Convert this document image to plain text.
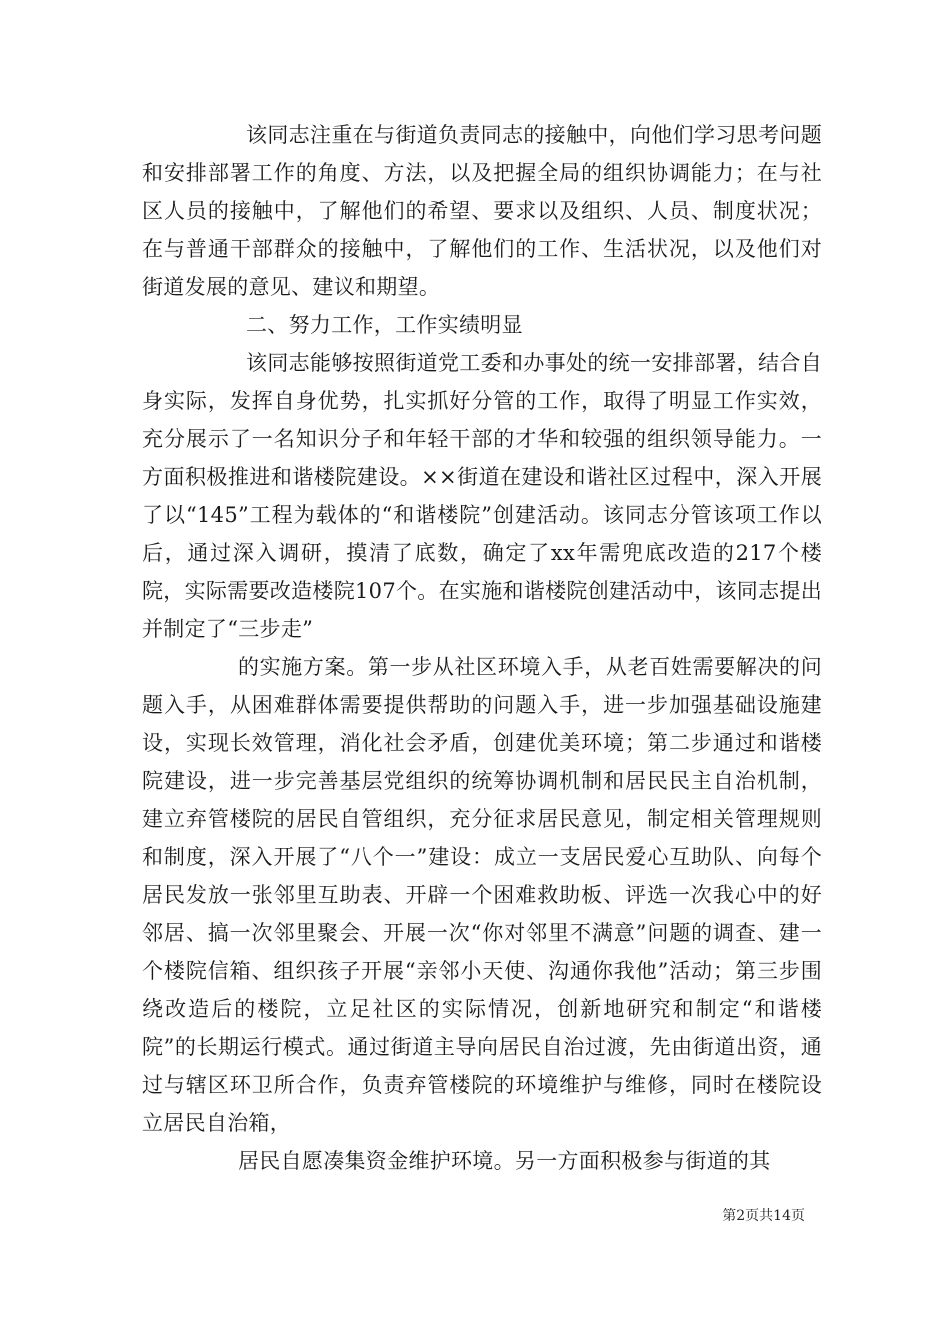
该同志注重在与街道负责同志的接触中，向他们学习思考问题和安排部署工作的角度、方法，以及把握全局的组织协调能力；在与社区人员的接触中，了解他们的希望、要求以及组织、人员、制度状况；在与普通干部群众的接触中，了解他们的工作、生活状况，以及他们对街道发展的意见、建议和期望。

二、努力工作，工作实绩明显

该同志能够按照街道党工委和办事处的统一安排部署，结合自身实际，发挥自身优势，扎实抓好分管的工作，取得了明显工作实效，充分展示了一名知识分子和年轻干部的才华和较强的组织领导能力。一方面积极推进和谐楼院建设。××街道在建设和谐社区过程中，深入开展了以“145”工程为载体的“和谐楼院”创建活动。该同志分管该项工作以后，通过深入调研，摸清了底数，确定了xx年需兜底改造的217个楼院，实际需要改造楼院107个。在实施和谐楼院创建活动中，该同志提出并制定了“三步走”

的实施方案。第一步从社区环境入手，从老百姓需要解决的问题入手，从困难群体需要提供帮助的问题入手，进一步加强基础设施建设，实现长效管理，消化社会矛盾，创建优美环境；第二步通过和谐楼院建设，进一步完善基层党组织的统筹协调机制和居民民主自治机制，建立弃管楼院的居民自管组织，充分征求居民意见，制定相关管理规则和制度，深入开展了“八个一”建设：成立一支居民爱心互助队、向每个居民发放一张邻里互助表、开辟一个困难救助板、评选一次我心中的好邻居、搞一次邻里聚会、开展一次“你对邻里不满意”问题的调查、建一个楼院信箱、组织孩子开展“亲邻小天使、沟通你我他”活动；第三步围绕改造后的楼院，立足社区的实际情况，创新地研究和制定“和谐楼院”的长期运行模式。通过街道主导向居民自治过渡，先由街道出资，通过与辖区环卫所合作，负责弃管楼院的环境维护与维修，同时在楼院设立居民自治箱，

居民自愿凑集资金维护环境。另一方面积极参与街道的其

第2页共14页
